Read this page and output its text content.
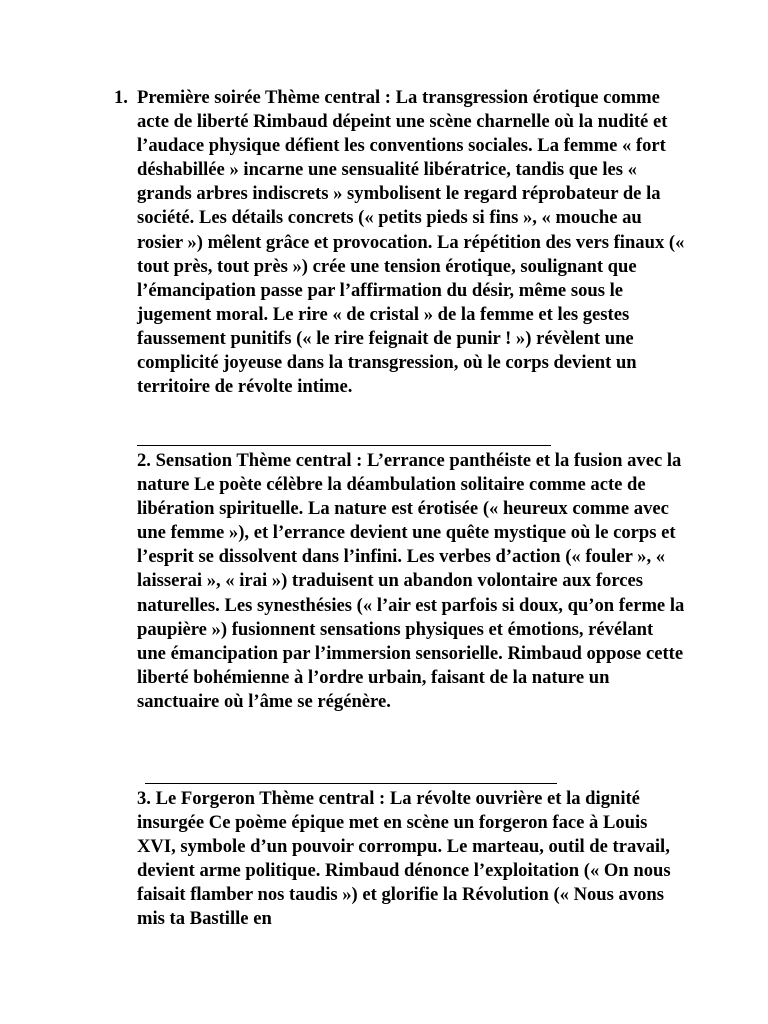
1. Première soirée Thème central : La transgression érotique comme acte de liberté Rimbaud dépeint une scène charnelle où la nudité et l’audace physique défient les conventions sociales. La femme « fort déshabillée » incarne une sensualité libératrice, tandis que les « grands arbres indiscrets » symbolisent le regard réprobateur de la société. Les détails concrets (« petits pieds si fins », « mouche au rosier ») mêlent grâce et provocation. La répétition des vers finaux (« tout près, tout près ») crée une tension érotique, soulignant que l’émancipation passe par l’affirmation du désir, même sous le jugement moral. Le rire « de cristal » de la femme et les gestes faussement punitifs (« le rire feignait de punir ! ») révèlent une complicité joyeuse dans la transgression, où le corps devient un territoire de révolte intime.

2. Sensation Thème central : L’errance panthéiste et la fusion avec la nature Le poète célèbre la déambulation solitaire comme acte de libération spirituelle. La nature est érotisée (« heureux comme avec une femme »), et l’errance devient une quête mystique où le corps et l’esprit se dissolvent dans l’infini. Les verbes d’action (« fouler », « laisserai », « irai ») traduisent un abandon volontaire aux forces naturelles. Les synesthésies (« l’air est parfois si doux, qu’on ferme la paupière ») fusionnent sensations physiques et émotions, révélant une émancipation par l’immersion sensorielle. Rimbaud oppose cette liberté bohémienne à l’ordre urbain, faisant de la nature un sanctuaire où l’âme se régénère.

3. Le Forgeron Thème central : La révolte ouvrière et la dignité insurgée Ce poème épique met en scène un forgeron face à Louis XVI, symbole d’un pouvoir corrompu. Le marteau, outil de travail, devient arme politique. Rimbaud dénonce l’exploitation (« On nous faisait flamber nos taudis ») et glorifie la Révolution (« Nous avons mis ta Bastille en
